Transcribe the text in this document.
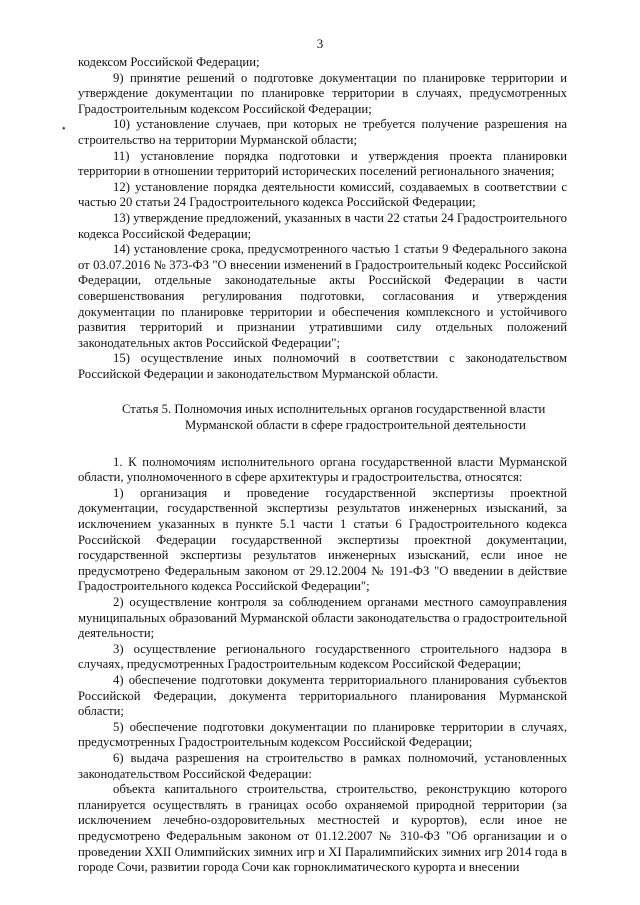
3
•

кодексом Российской Федерации;

9) принятие решений о подготовке документации по планировке территории и утверждение документации по планировке территории в случаях, предусмотренных Градостроительным кодексом Российской Федерации;

10) установление случаев, при которых не требуется получение разрешения на строительство на территории Мурманской области;

11) установление порядка подготовки и утверждения проекта планировки территории в отношении территорий исторических поселений регионального значения;

12) установление порядка деятельности комиссий, создаваемых в соответствии с частью 20 статьи 24 Градостроительного кодекса Российской Федерации;

13) утверждение предложений, указанных в части 22 статьи 24 Градостроительного кодекса Российской Федерации;

14) установление срока, предусмотренного частью 1 статьи 9 Федерального закона от 03.07.2016 № 373-ФЗ "О внесении изменений в Градостроительный кодекс Российской Федерации, отдельные законодательные акты Российской Федерации в части совершенствования регулирования подготовки, согласования и утверждения документации по планировке территории и обеспечения комплексного и устойчивого развития территорий и признании утратившими силу отдельных положений законодательных актов Российской Федерации";

15) осуществление иных полномочий в соответствии с законодательством Российской Федерации и законодательством Мурманской области.

Статья 5. Полномочия иных исполнительных органов государственной власти
Мурманской области в сфере градостроительной деятельности

1. К полномочиям исполнительного органа государственной власти Мурманской области, уполномоченного в сфере архитектуры и градостроительства, относятся:

1) организация и проведение государственной экспертизы проектной документации, государственной экспертизы результатов инженерных изысканий, за исключением указанных в пункте 5.1 части 1 статьи 6 Градостроительного кодекса Российской Федерации государственной экспертизы проектной документации, государственной экспертизы результатов инженерных изысканий, если иное не предусмотрено Федеральным законом от 29.12.2004 № 191-ФЗ "О введении в действие Градостроительного кодекса Российской Федерации";

2) осуществление контроля за соблюдением органами местного самоуправления муниципальных образований Мурманской области законодательства о градостроительной деятельности;

3) осуществление регионального государственного строительного надзора в случаях, предусмотренных Градостроительным кодексом Российской Федерации;

4) обеспечение подготовки документа территориального планирования субъектов Российской Федерации, документа территориального планирования Мурманской области;

5) обеспечение подготовки документации по планировке территории в случаях, предусмотренных Градостроительным кодексом Российской Федерации;

6) выдача разрешения на строительство в рамках полномочий, установленных законодательством Российской Федерации:

объекта капитального строительства, строительство, реконструкцию которого планируется осуществлять в границах особо охраняемой природной территории (за исключением лечебно-оздоровительных местностей и курортов), если иное не предусмотрено Федеральным законом от 01.12.2007 № 310-ФЗ "Об организации и о проведении XXII Олимпийских зимних игр и XI Паралимпийских зимних игр 2014 года в городе Сочи, развитии города Сочи как горноклиматического курорта и внесении
